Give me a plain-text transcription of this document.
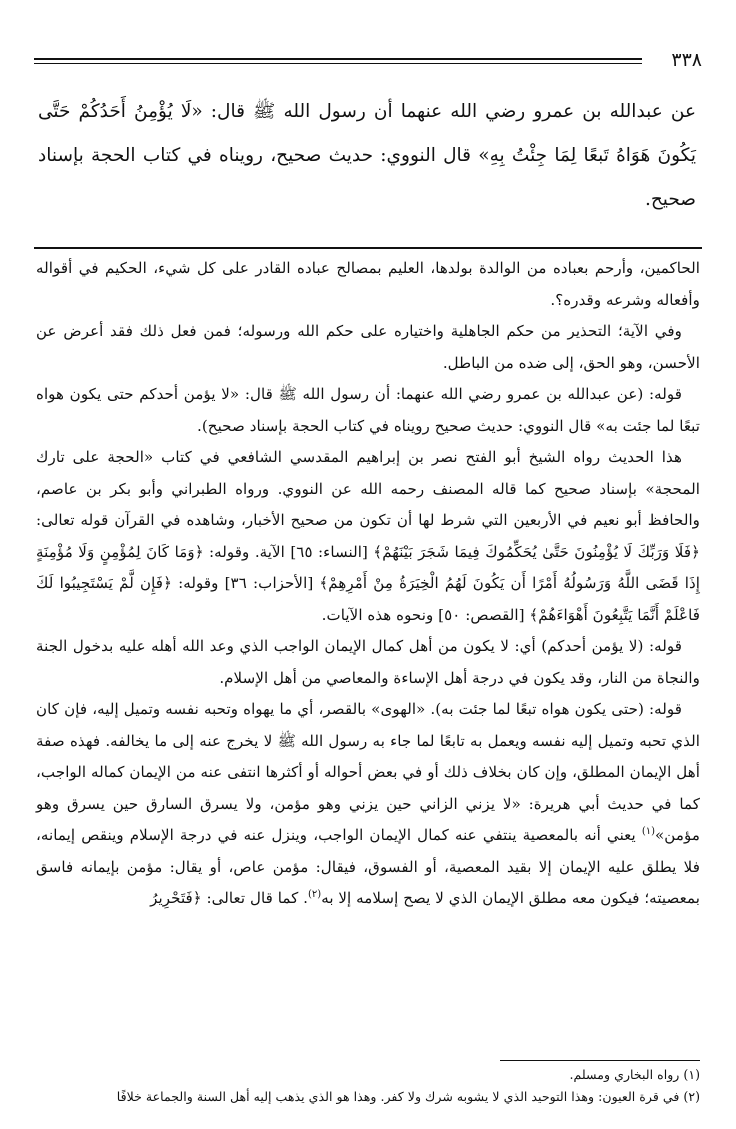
٣٣٨

عن عبدالله بن عمرو رضي الله عنهما أن رسول الله ﷺ قال: «لَا يُؤْمِنُ أَحَدُكُمْ حَتَّى يَكُونَ هَوَاهُ تَبعًا لِمَا جِئْتُ بِهِ» قال النووي: حديث صحيح، رويناه في كتاب الحجة بإسناد صحيح.

الحاكمين، وأرحم بعباده من الوالدة بولدها، العليم بمصالح عباده القادر على كل شيء، الحكيم في أقواله وأفعاله وشرعه وقدره؟.

وفي الآية؛ التحذير من حكم الجاهلية واختياره على حكم الله ورسوله؛ فمن فعل ذلك فقد أعرض عن الأحسن، وهو الحق، إلى ضده من الباطل.

قوله: (عن عبدالله بن عمرو رضي الله عنهما: أن رسول الله ﷺ قال: «لا يؤمن أحدكم حتى يكون هواه تبعًا لما جئت به» قال النووي: حديث صحيح رويناه في كتاب الحجة بإسناد صحيح).

هذا الحديث رواه الشيخ أبو الفتح نصر بن إبراهيم المقدسي الشافعي في كتاب «الحجة على تارك المحجة» بإسناد صحيح كما قاله المصنف رحمه الله عن النووي. ورواه الطبراني وأبو بكر بن عاصم، والحافظ أبو نعيم في الأربعين التي شرط لها أن تكون من صحيح الأخبار، وشاهده في القرآن قوله تعالى: ﴿فَلَا وَرَبِّكَ لَا يُؤْمِنُونَ حَتَّىٰ يُحَكِّمُوكَ فِيمَا شَجَرَ بَيْنَهُمْ﴾ [النساء: ٦٥] الآية. وقوله: ﴿وَمَا كَانَ لِمُؤْمِنٍ وَلَا مُؤْمِنَةٍ إِذَا قَضَى اللَّهُ وَرَسُولُهُ أَمْرًا أَن يَكُونَ لَهُمُ الْخِيَرَةُ مِنْ أَمْرِهِمْ﴾ [الأحزاب: ٣٦] وقوله: ﴿فَإِن لَّمْ يَسْتَجِيبُوا لَكَ فَاعْلَمْ أَنَّمَا يَتَّبِعُونَ أَهْوَاءَهُمْ﴾ [القصص: ٥٠] ونحوه هذه الآيات.

قوله: (لا يؤمن أحدكم) أي: لا يكون من أهل كمال الإيمان الواجب الذي وعد الله أهله عليه بدخول الجنة والنجاة من النار، وقد يكون في درجة أهل الإساءة والمعاصي من أهل الإسلام.

قوله: (حتى يكون هواه تبعًا لما جئت به). «الهوى» بالقصر، أي ما يهواه وتحبه نفسه وتميل إليه، فإن كان الذي تحبه وتميل إليه نفسه ويعمل به تابعًا لما جاء به رسول الله ﷺ لا يخرج عنه إلى ما يخالفه. فهذه صفة أهل الإيمان المطلق، وإن كان بخلاف ذلك أو في بعض أحواله أو أكثرها انتفى عنه من الإيمان كماله الواجب، كما في حديث أبي هريرة: «لا يزني الزاني حين يزني وهو مؤمن، ولا يسرق السارق حين يسرق وهو مؤمن»$^{(١)}$ يعني أنه بالمعصية ينتفي عنه كمال الإيمان الواجب، وينزل عنه في درجة الإسلام وينقص إيمانه، فلا يطلق عليه الإيمان إلا بقيد المعصية، أو الفسوق، فيقال: مؤمن عاص، أو يقال: مؤمن بإيمانه فاسق بمعصيته؛ فيكون معه مطلق الإيمان الذي لا يصح إسلامه إلا به$^{(٢)}$. كما قال تعالى: ﴿فَتَحْرِيرُ

(١) رواه البخاري ومسلم.

(٢) في قرة العيون: وهذا التوحيد الذي لا يشوبه شرك ولا كفر. وهذا هو الذي يذهب إليه أهل السنة والجماعة خلافًا
